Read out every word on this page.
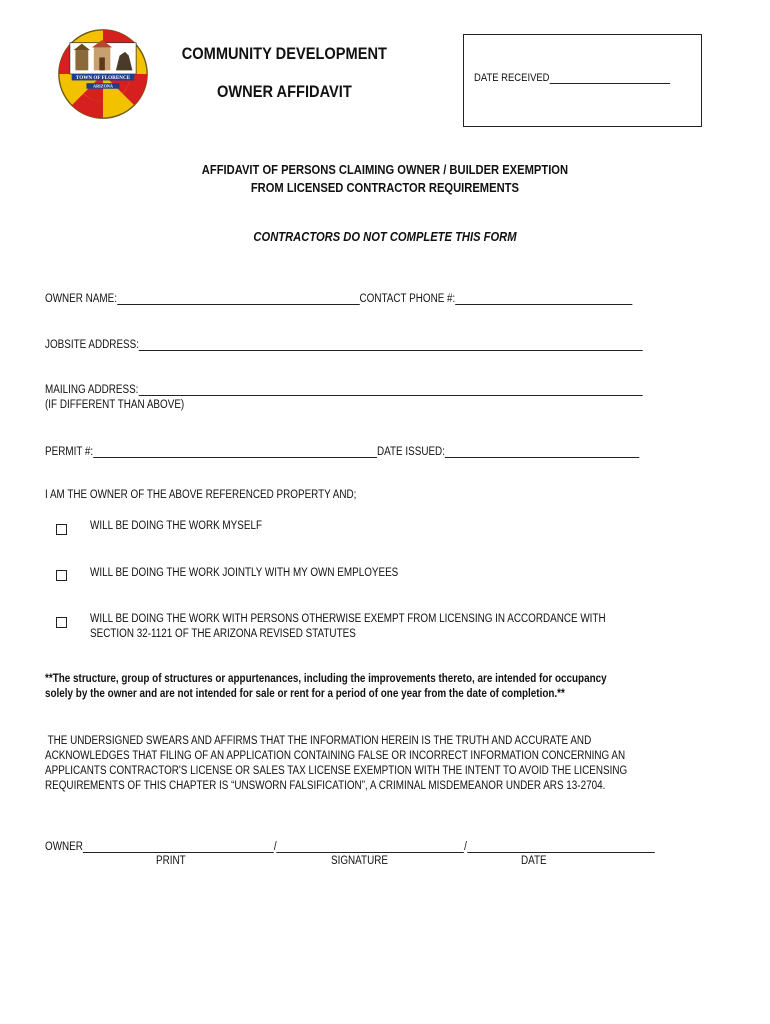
TOWN OF FLORENCE
ARIZONA
COMMUNITY DEVELOPMENT
OWNER AFFIDAVIT
DATE RECEIVED
AFFIDAVIT OF PERSONS CLAIMING OWNER / BUILDER EXEMPTION
FROM LICENSED CONTRACTOR REQUIREMENTS
CONTRACTORS DO NOT COMPLETE THIS FORM
OWNER NAME:	CONTACT PHONE #:
JOBSITE ADDRESS:
MAILING ADDRESS:
(IF DIFFERENT THAN ABOVE)
PERMIT #:	DATE ISSUED:
I AM THE OWNER OF THE ABOVE REFERENCED PROPERTY AND;
WILL BE DOING THE WORK MYSELF
WILL BE DOING THE WORK JOINTLY WITH MY OWN EMPLOYEES
WILL BE DOING THE WORK WITH PERSONS OTHERWISE EXEMPT FROM LICENSING IN ACCORDANCE WITH
SECTION 32-1121 OF THE ARIZONA REVISED STATUTES
**The structure, group of structures or appurtenances, including the improvements thereto, are intended for occupancy
solely by the owner and are not intended for sale or rent for a period of one year from the date of completion.**
THE UNDERSIGNED SWEARS AND AFFIRMS THAT THE INFORMATION HEREIN IS THE TRUTH AND ACCURATE AND
ACKNOWLEDGES THAT FILING OF AN APPLICATION CONTAINING FALSE OR INCORRECT INFORMATION CONCERNING AN
APPLICANTS CONTRACTOR'S LICENSE OR SALES TAX LICENSE EXEMPTION WITH THE INTENT TO AVOID THE LICENSING
REQUIREMENTS OF THIS CHAPTER IS “UNSWORN FALSIFICATION”, A CRIMINAL MISDEMEANOR UNDER ARS 13-2704.
OWNER	/	/
PRINT	SIGNATURE	DATE
